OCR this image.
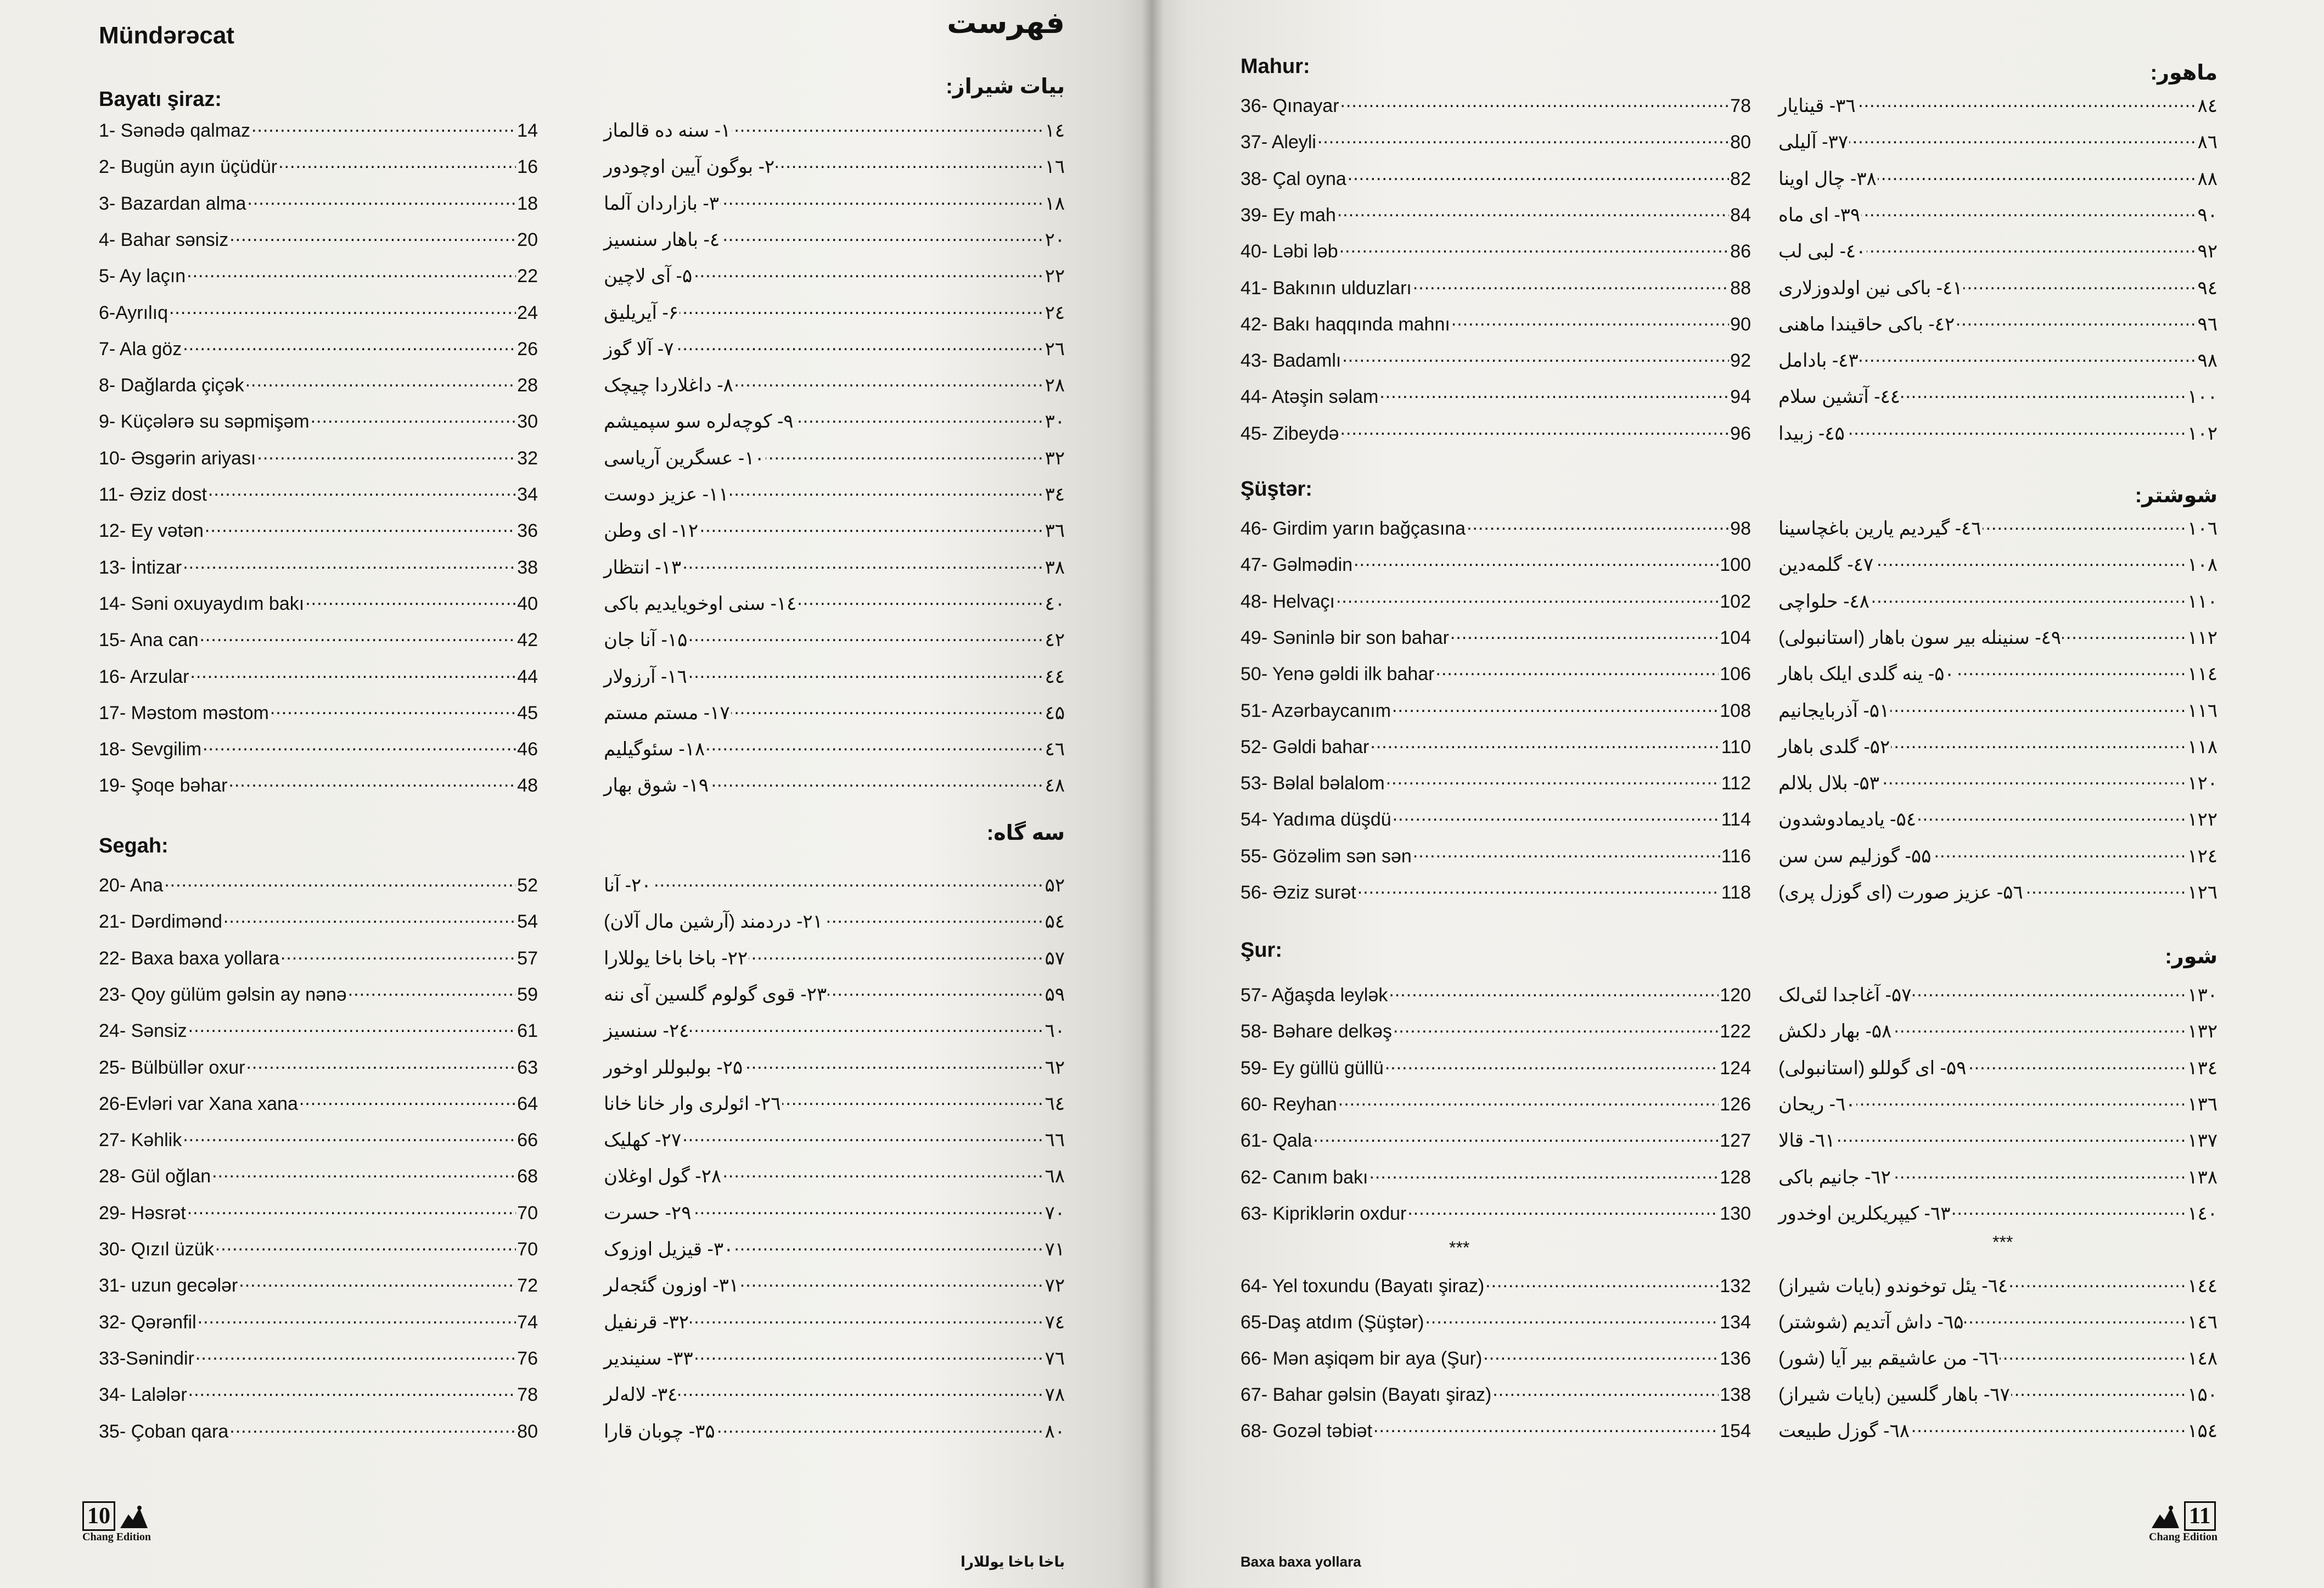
Mündərəcat	فهرست
Bayatı şiraz:
1- Sənədə qalmaz .....	14
2- Bugün ayın üçüdür .....	16
3- Bazardan alma .....	18
4- Bahar sənsiz .....	20
5- Ay laçın .....	22
6-Ayrılıq .....	24
7- Ala göz .....	26
8- Dağlarda çiçək .....	28
9- Küçələrə su səpmişəm .....	30
10- Əsgərin ariyası .....	32
11- Əziz dost .....	34
12- Ey vətən .....	36
13- İntizar .....	38
14- Səni oxuyaydım bakı .....	40
15- Ana can .....	42
16- Arzular .....	44
17- Məstom məstom .....	45
18- Sevgilim .....	46
19- Şoqe bəhar .....	48
Segah:
20- Ana .....	52
21- Dərdimənd .....	54
22- Baxa baxa yollara .....	57
23- Qoy gülüm gəlsin ay nənə .....	59
24- Sənsiz .....	61
25- Bülbüllər oxur .....	63
26-Evləri var Xana xana .....	64
27- Kəhlik .....	66
28- Gül oğlan .....	68
29- Həsrət .....	70
30- Qızıl üzük .....	70
31- uzun gecələr .....	72
32- Qərənfil .....	74
33-Sənindir .....	76
34- Lalələr .....	78
35- Çoban qara .....	80
بیات شیراز:
۱- سنه ده قالماز .....	۱٤
۲- بوگون آیین اوچودور .....	۱٦
۳- بازاردان آلما .....	۱۸
٤- باهار سنسیز .....	۲۰
۵- آی لاچین .....	۲۲
۶- آیریلیق .....	۲٤
۷- آلا گوز .....	۲٦
۸- داغلاردا چیچک .....	۲۸
۹- کوچه‌لره سو سپمیشم .....	۳۰
۱۰- عسگرین آریاسی .....	۳۲
۱۱- عزیز دوست .....	۳٤
۱۲- ای وطن .....	۳٦
۱۳- انتظار .....	۳۸
۱٤- سنی اوخویایدیم باکی .....	٤۰
۱۵- آنا جان .....	٤۲
۱٦- آرزولار .....	٤٤
۱۷- مستم مستم .....	٤۵
۱۸- سئوگیلیم .....	٤٦
۱۹- شوق بهار .....	٤۸
سه گاه:
۲۰- آنا .....	۵۲
۲۱- دردمند (آرشین مال آلان) .....	۵٤
۲۲- باخا باخا یوللارا .....	۵۷
۲۳- قوی گولوم گلسین آی ننه .....	۵۹
۲٤- سنسیز .....	٦۰
۲۵- بولبوللر اوخور .....	٦۲
۲٦- ائولری وار خانا خانا .....	٦٤
۲۷- کهلیک .....	٦٦
۲۸- گول اوغلان .....	٦۸
۲۹- حسرت .....	۷۰
۳۰- قیزیل اوزوک .....	۷۱
۳۱- اوزون گئجه‌لر .....	۷۲
۳۲- قرنفیل .....	۷٤
۳۳- سنیندیر .....	۷٦
۳٤- لاله‌لر .....	۷۸
۳۵- چوبان قارا .....	۸۰
10
Chang Edition
باخا باخا یوللارا
Mahur:
36- Qınayar .....	78
37- Aleyli .....	80
38- Çal oyna .....	82
39- Ey mah .....	84
40- Ləbi ləb .....	86
41- Bakının ulduzları .....	88
42- Bakı haqqında mahnı .....	90
43- Badamlı .....	92
44- Atəşin səlam .....	94
45- Zibeydə .....	96
Şüştər:
46- Girdim yarın bağçasına .....	98
47- Gəlmədin .....	100
48- Helvaçı .....	102
49- Səninlə bir son bahar .....	104
50- Yenə gəldi ilk bahar .....	106
51- Azərbaycanım .....	108
52- Gəldi bahar .....	110
53- Bəlal bəlalom .....	112
54- Yadıma düşdü .....	114
55- Gözəlim sən sən .....	116
56- Əziz surət .....	118
Şur:
57- Ağaşda leylək .....	120
58- Bəhare delkəş .....	122
59- Ey güllü güllü .....	124
60- Reyhan .....	126
61- Qala .....	127
62- Canım bakı .....	128
63- Kipriklərin oxdur .....	130
***
64- Yel toxundu (Bayatı şiraz) .....	132
65-Daş atdım (Şüştər) .....	134
66- Mən aşiqəm bir aya (Şur) .....	136
67- Bahar gəlsin (Bayatı şiraz) .....	138
68- Gozəl təbiət .....	154
ماهور:
۳٦- قینایار .....	۸٤
۳۷- آلیلی .....	۸٦
۳۸- چال اوینا .....	۸۸
۳۹- ای ماه .....	۹۰
٤۰- لبی لب .....	۹۲
٤۱- باکی نین اولدوزلاری .....	۹٤
٤۲- باکی حاقیندا ماهنی .....	۹٦
٤۳- بادامل .....	۹۸
٤٤- آتشین سلام .....	۱۰۰
٤۵- زبیدا .....	۱۰۲
شوشتر:
٤٦- گیردیم یارین باغچاسینا .....	۱۰٦
٤۷- گلمه‌دین .....	۱۰۸
٤۸- حلواچی .....	۱۱۰
٤۹- سنینله بیر سون باهار (استانبولی) .....	۱۱۲
۵۰- ینه گلدی ایلک باهار .....	۱۱٤
۵۱- آذربایجانیم .....	۱۱٦
۵۲- گلدی باهار .....	۱۱۸
۵۳- بلال بلالم .....	۱۲۰
۵٤- یادیمادوشدون .....	۱۲۲
۵۵- گوزلیم سن سن .....	۱۲٤
۵٦- عزیز صورت (ای گوزل پری) .....	۱۲٦
شور:
۵۷- آغاجدا لئی‌لک .....	۱۳۰
۵۸- بهار دلکش .....	۱۳۲
۵۹- ای گوللو (استانبولی) .....	۱۳٤
٦۰- ریحان .....	۱۳٦
٦۱- قالا .....	۱۳۷
٦۲- جانیم باکی .....	۱۳۸
٦۳- کیپریکلرین اوخدور .....	۱٤۰
***
٦٤- یئل توخوندو (بایات شیراز) .....	۱٤٤
٦۵- داش آتدیم (شوشتر) .....	۱٤٦
٦٦- من عاشیقم بیر آیا (شور) .....	۱٤۸
٦۷- باهار گلسین (بایات شیراز) .....	۱۵۰
٦۸- گوزل طبیعت .....	۱۵٤
11
Chang Edition
Baxa baxa yollara
